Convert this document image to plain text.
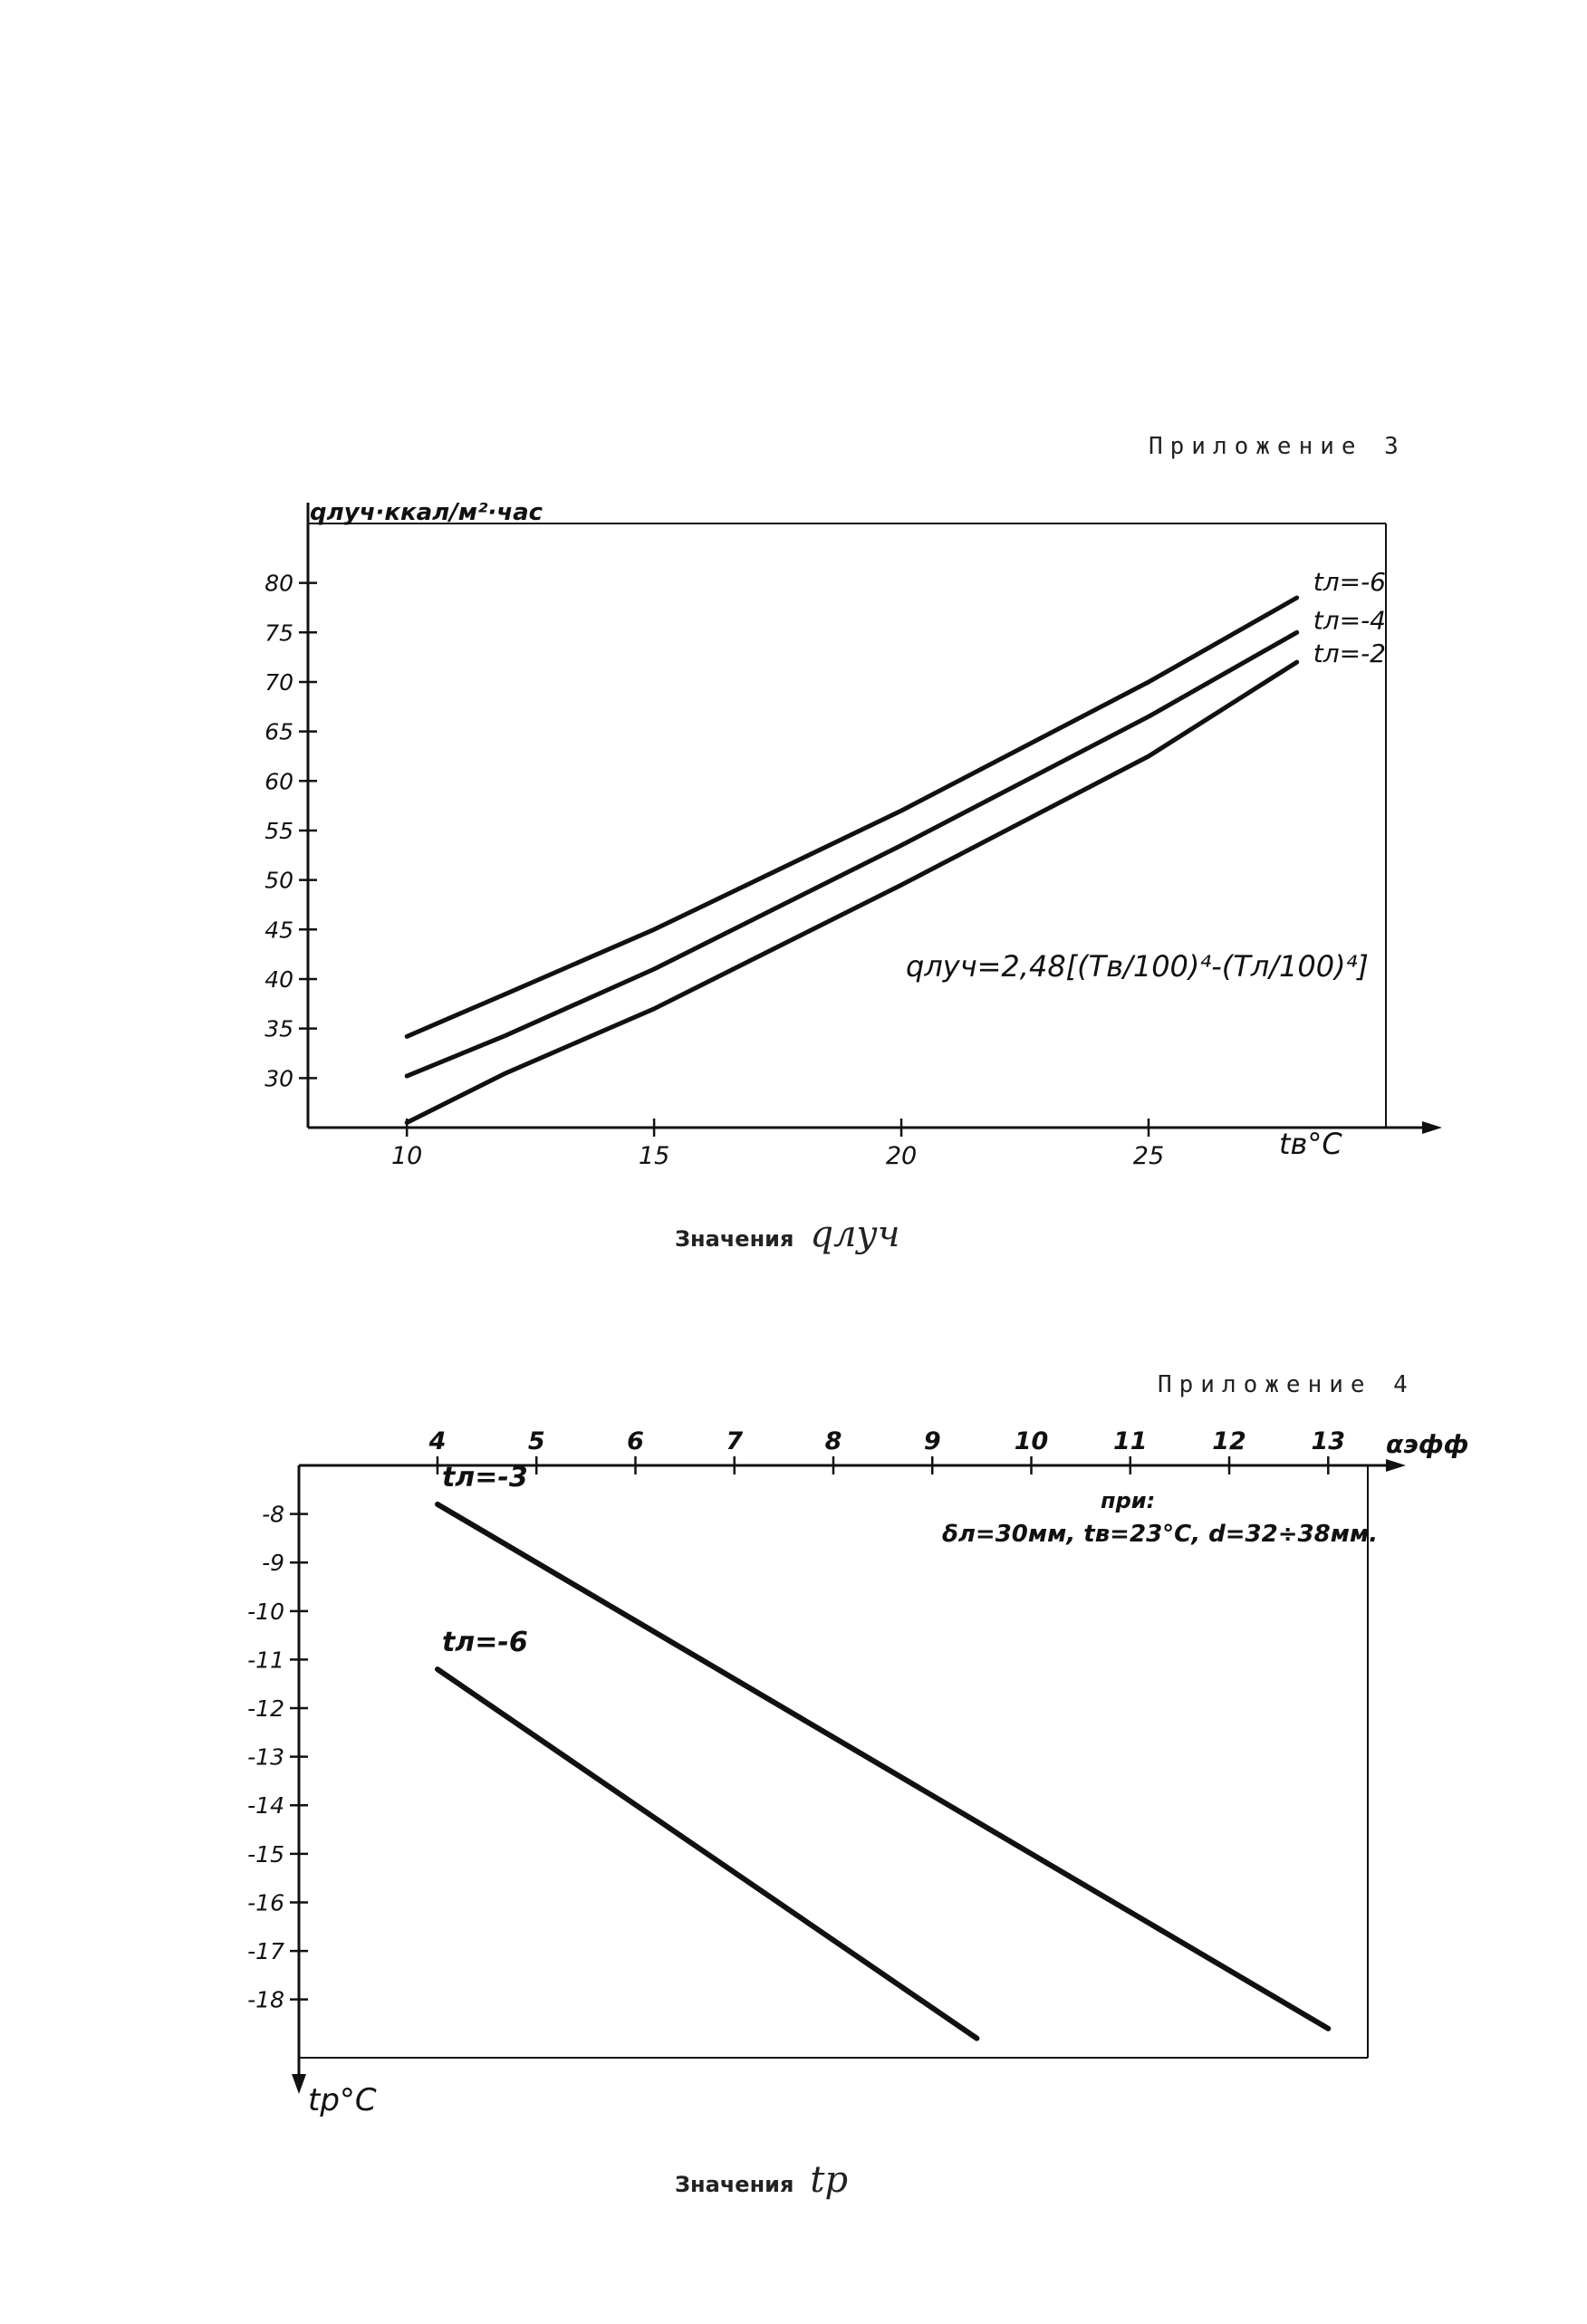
Приложение 3
Приложение 4
Значения qлуч
Значения tр
30
35
40
45
50
55
60
65
70
75
80
10	15	20	25
tл=-6
tл=-4
tл=-2
qлуч·ккал/м²·час
tв°C
qлуч=2,48[(Tв/100)⁴-(Tл/100)⁴]
-8
-9
-10
-11
-12
-13
-14
-15
-16
-17
-18
4	5	6	7	8	9	10	11	12	13
tл=-3
tл=-6
αэфф
tр°C
при:
δл=30мм, tв=23°C, d=32÷38мм.
